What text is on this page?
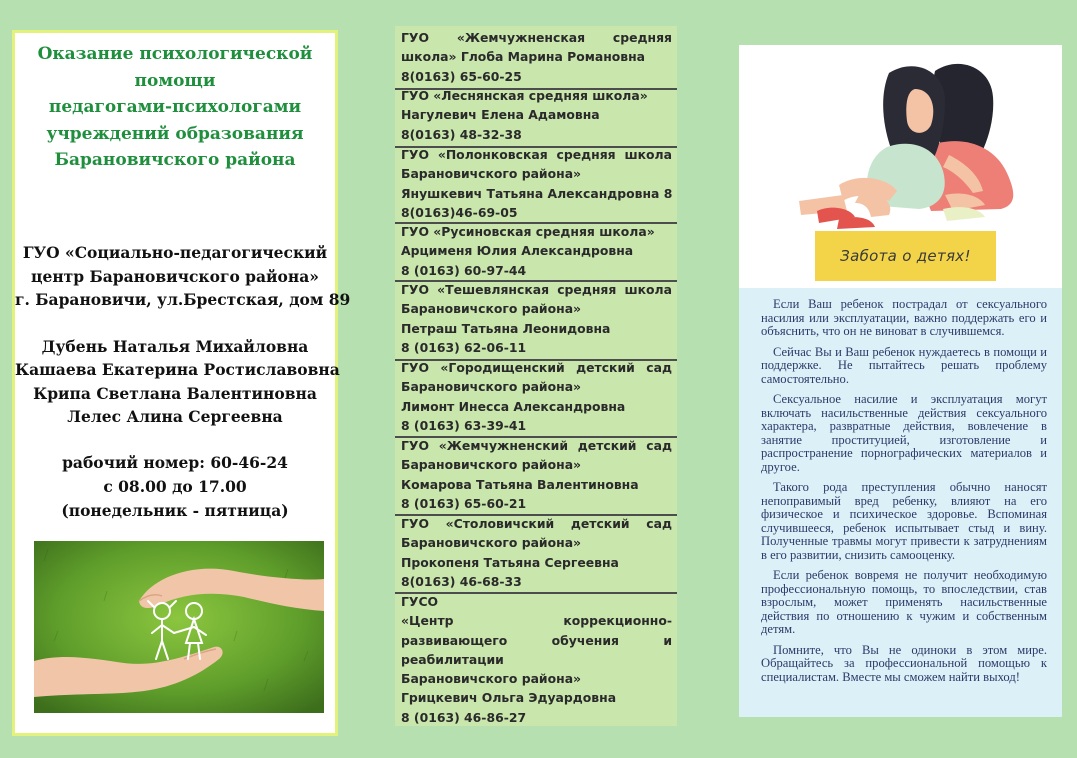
Оказание психологической
помощи
педагогами-психологами
учреждений образования
Барановичского района
ГУО «Социально-педагогический
центр Барановичского района»
г. Барановичи, ул.Брестская, дом 89
Дубень Наталья Михайловна
Кашаева Екатерина Ростиславовна
Крипа Светлана Валентиновна
Лелес Алина Сергеевна
рабочий номер: 60-46-24
с 08.00 до 17.00
(понедельник - пятница)
ГУО «Жемчужненская средняя
школа» Глоба Марина Романовна
8(0163) 65-60-25
ГУО «Леснянская средняя школа»
Нагулевич Елена Адамовна
8(0163) 48-32-38
ГУО «Полонковская средняя школа
Барановичского района»
Янушкевич Татьяна Александровна 8
8(0163)46-69-05
ГУО «Русиновская средняя школа»
Арцименя Юлия Александровна
8 (0163) 60-97-44
ГУО «Тешевлянская средняя школа
Барановичского района»
Петраш Татьяна Леонидовна
8 (0163) 62-06-11
ГУО «Городищенский детский сад
Барановичского района»
Лимонт Инесса Александровна
8 (0163) 63-39-41
ГУО «Жемчужненский детский сад
Барановичского района»
Комарова Татьяна Валентиновна
8 (0163) 65-60-21
ГУО «Столовичский детский сад
Барановичского района»
Прокопеня Татьяна Сергеевна
8(0163) 46-68-33
ГУСО
«Центр	коррекционно-
развивающего	обучения	и
реабилитации
Барановичского района»
Грицкевич Ольга Эдуардовна
8 (0163) 46-86-27
Забота о детях!

Если Ваш ребенок пострадал от сексуального насилия или эксплуатации, важно поддержать его и объяснить, что он не виноват в случившемся.

Сейчас Вы и Ваш ребенок нуждаетесь в помощи и поддержке. Не пытайтесь решать проблему самостоятельно.

Сексуальное насилие и эксплуатация могут включать насильственные действия сексуального характера, развратные действия, вовлечение в занятие проституцией, изготовление и распространение порнографических материалов и другое.

Такого рода преступления обычно наносят непоправимый вред ребенку, влияют на его физическое и психическое здоровье. Вспоминая случившееся, ребенок испытывает стыд и вину. Полученные травмы могут привести к затруднениям в его развитии, снизить самооценку.

Если ребенок вовремя не получит необходимую профессиональную помощь, то впоследствии, став взрослым, может применять насильственные действия по отношению к чужим и собственным детям.

Помните, что Вы не одиноки в этом мире. Обращайтесь за профессиональной помощью к специалистам. Вместе мы сможем найти выход!
